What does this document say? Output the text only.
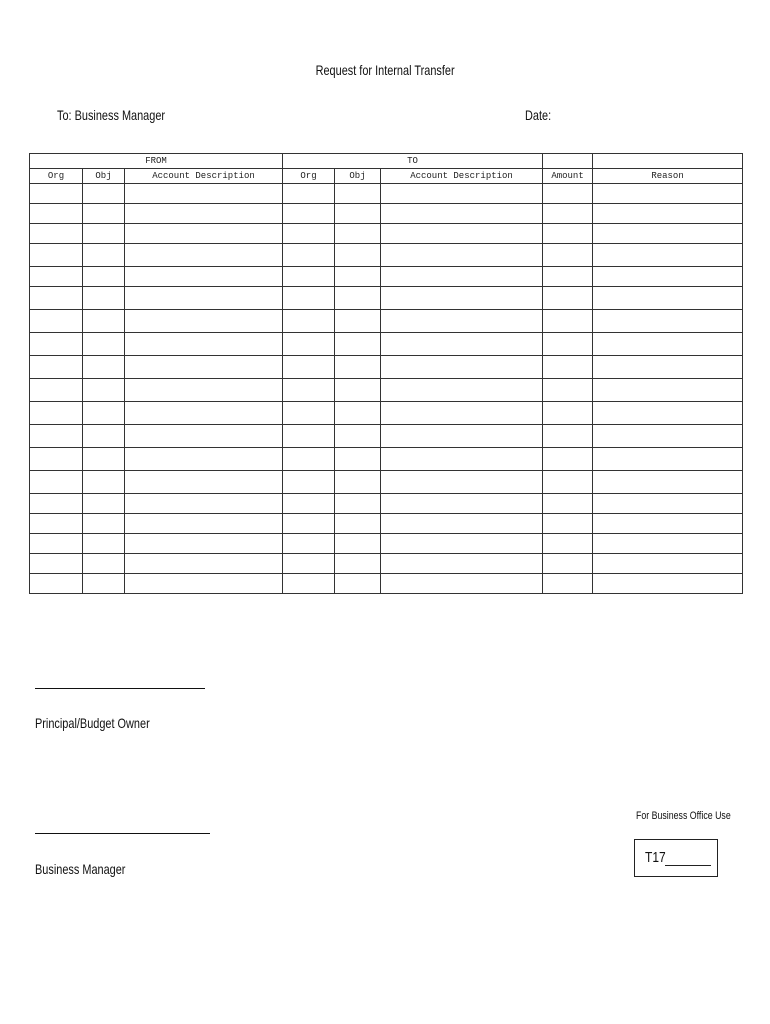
Request for Internal Transfer
To: Business Manager	Date:
FROM			TO				
Org	Obj	Account Description	Org	Obj	Account Description	Amount	Reason

Principal/Budget Owner
Business Manager
For Business Office Use
T17
